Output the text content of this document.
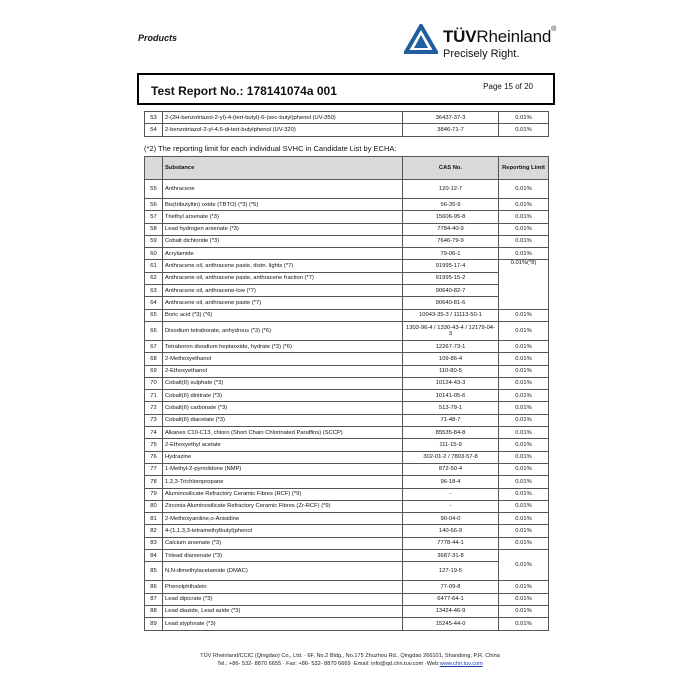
Products	TÜVRheinland®
Precisely Right.
Test Report No.: 178141074a 001	Page 15 of 20
53	2-(2H-benzotriazol-2-yl)-4-(tert-butyl)-6-(sec-butyl)phenol (UV-350)	36437-37-3	0.01%
54	2-benzotriazol-2-yl-4,6-di-tert-butylphenol (UV-320)	3846-71-7	0.01%
(*2) The reporting limit for each individual SVHC in Candidate List by ECHA:
	Substance	CAS No.	Reporting Limit
55	Anthracene	120-12-7	0.01%
56	Bis(tributyltin) oxide (TBTO) (*3) (*5)	56-35-9	0.01%
57	Triethyl arsenate (*3)	15606-95-8	0.01%
58	Lead hydrogen arsenate (*3)	7784-40-9	0.01%
59	Cobalt dichloride (*3)	7646-79-9	0.01%
60	Acrylamide	79-06-1	0.01%
61	Anthracene oil, anthracene paste, distn. lights (*7)	91995-17-4	0.01%(*8)
62	Anthracene oil, anthracene paste, anthracene fraction (*7)	91995-15-2	
63	Anthracene oil, anthracene-low (*7)	90640-82-7	
64	Anthracene oil, anthracene paste (*7)	90640-81-6	
65	Boric acid (*3) (*6)	10043-35-3 / 11113-50-1	0.01%
66	Disodium tetraborate, anhydrous (*3) (*6)	1303-96-4 / 1330-43-4 / 12179-04-3	0.01%
67	Tetraboron disodium heptaoxide, hydrate (*3) (*6)	12267-73-1	0.01%
68	2-Methoxyethanol	109-86-4	0.01%
69	2-Ethoxyethanol	110-80-5	0.01%
70	Cobalt(II) sulphate (*3)	10124-43-3	0.01%
71	Cobalt(II) dinitrate (*3)	10141-05-6	0.01%
72	Cobalt(II) carbonate (*3)	513-79-1	0.01%
73	Cobalt(II) diacetate (*3)	71-48-7	0.01%
74	Alkanes C10-C13, chloro (Short Chain Chlorinated Paraffins) (SCCP)	85535-84-8	0.01%
75	2-Ethoxyethyl acetate	111-15-9	0.01%
76	Hydrazine	302-01-2 / 7803-57-8	0.01%
77	1-Methyl-2-pyrrolidone (NMP)	872-50-4	0.01%
78	1,2,3-Trichloropropane	96-18-4	0.01%
79	Aluminosilicate Refractory Ceramic Fibres (RCF) (*9)	-	0.01%
80	Zirconia Aluminosilicate Refractory Ceramic Fibres (Zr-RCF) (*9)	-	0.01%
81	2-Methoxyaniline,o-Anisidine	90-04-0	0.01%
82	4-(1,1,3,3-tetramethylbutyl)phenol	140-66-9	0.01%
83	Calcium arsenate (*3)	7778-44-1	0.01%
84	Trilead diarsenate (*3)	3687-31-8	0.01%
85	N,N-dimethylacetamide (DMAC)	127-19-5	
86	Phenolphthalein	77-09-8	0.01%
87	Lead dipicrate (*3)	6477-64-1	0.01%
88	Lead diazide, Lead azide (*3)	13424-46-9	0.01%
89	Lead styphnate (*3)	15245-44-0	0.01%
TÜV Rheinland/CCIC (Qingdao) Co., Ltd. · 6F, No.2 Bldg., No.175 Zhuzhou Rd., Qingdao 266101, Shandong, P.R. China
Tel.: +86- 532- 8870 6655 · Fax: +86- 532- 8870 6669 ·Email: info@qd.chn.tuv.com ·Web:www.chn.tuv.com
